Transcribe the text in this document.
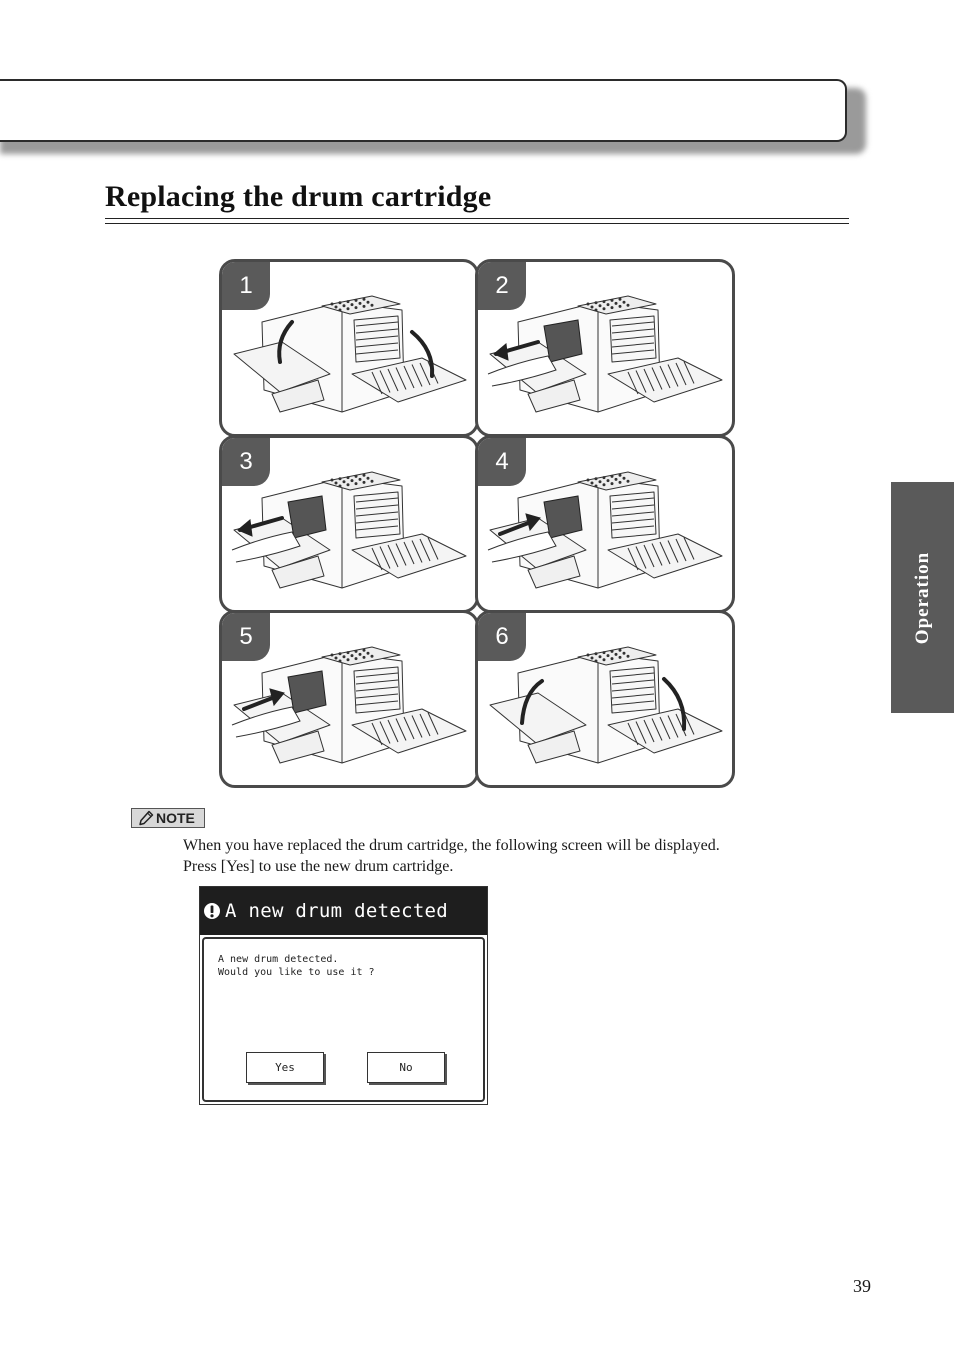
Replacing the drum cartridge
1	2
3	4
5	6	Operation
NOTE

When you have replaced the drum cartridge, the following screen will be displayed.

Press [Yes] to use the new drum cartridge.

A new drum detected
A new drum detected.
Would you like to use it ?
Yes	No
39
